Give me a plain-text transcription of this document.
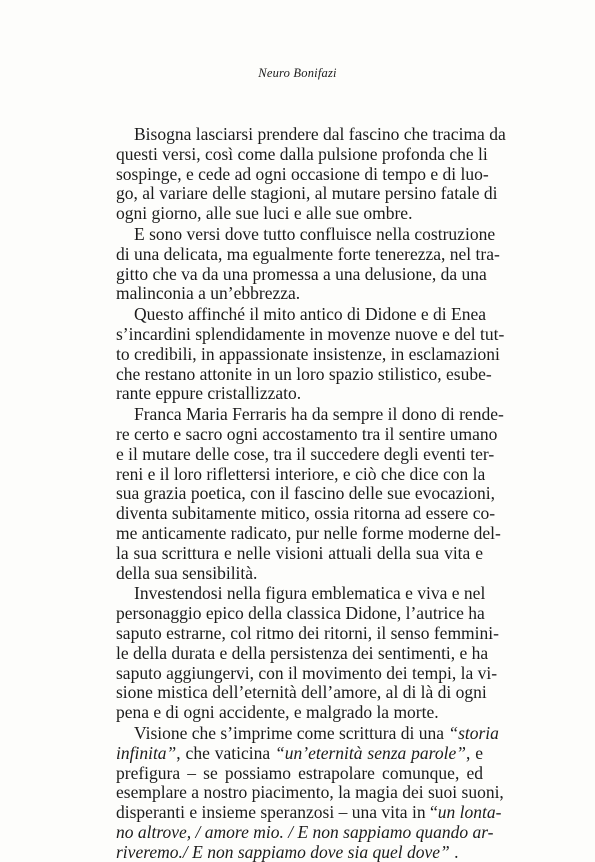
Neuro Bonifazi
Bisogna lasciarsi prendere dal fascino che tracima da
questi versi, così come dalla pulsione profonda che li
sospinge, e cede ad ogni occasione di tempo e di luo-
go, al variare delle stagioni, al mutare persino fatale di
ogni giorno, alle sue luci e alle sue ombre.
E sono versi dove tutto confluisce nella costruzione
di una delicata, ma egualmente forte tenerezza, nel tra-
gitto che va da una promessa a una delusione, da una
malinconia a un’ebbrezza.
Questo affinché il mito antico di Didone e di Enea
s’incardini splendidamente in movenze nuove e del tut-
to credibili, in appassionate insistenze, in esclamazioni
che restano attonite in un loro spazio stilistico, esube-
rante eppure cristallizzato.
Franca Maria Ferraris ha da sempre il dono di rende-
re certo e sacro ogni accostamento tra il sentire umano
e il mutare delle cose, tra il succedere degli eventi ter-
reni e il loro riflettersi interiore, e ciò che dice con la
sua grazia poetica, con il fascino delle sue evocazioni,
diventa subitamente mitico, ossia ritorna ad essere co-
me anticamente radicato, pur nelle forme moderne del-
la sua scrittura e nelle visioni attuali della sua vita e
della sua sensibilità.
Investendosi nella figura emblematica e viva e nel
personaggio epico della classica Didone, l’autrice ha
saputo estrarne, col ritmo dei ritorni, il senso femmini-
le della durata e della persistenza dei sentimenti, e ha
saputo aggiungervi, con il movimento dei tempi, la vi-
sione mistica dell’eternità dell’amore, al di là di ogni
pena e di ogni accidente, e malgrado la morte.
Visione che s’imprime come scrittura di una “storia
infinita”, che vaticina “un’eternità senza parole”, e
prefigura – se possiamo estrapolare comunque, ed
esemplare a nostro piacimento, la magia dei suoi suoni,
disperanti e insieme speranzosi – una vita in “un lonta-
no altrove, / amore mio. / E non sappiamo quando ar-
riveremo./ E non sappiamo dove sia quel dove” .
